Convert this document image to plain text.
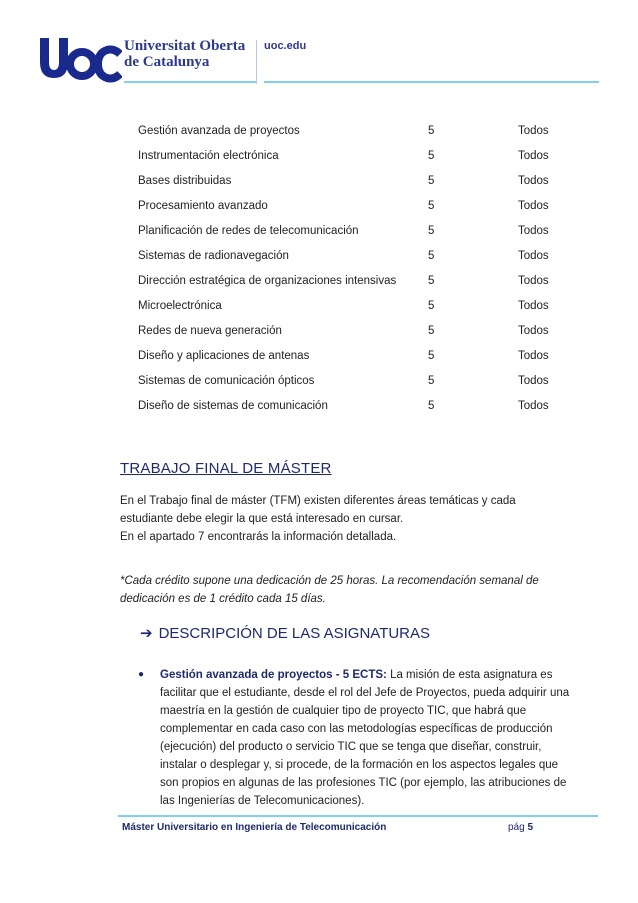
Universitat Oberta
de Catalunya
uoc.edu
Gestión avanzada de proyectos	5	Todos
Instrumentación electrónica	5	Todos
Bases distribuidas	5	Todos
Procesamiento avanzado	5	Todos
Planificación de redes de telecomunicación	5	Todos
Sistemas de radionavegación	5	Todos
Dirección estratégica de organizaciones intensivas	5	Todos
Microelectrónica	5	Todos
Redes de nueva generación	5	Todos
Diseño y aplicaciones de antenas	5	Todos
Sistemas de comunicación ópticos	5	Todos
Diseño de sistemas de comunicación	5	Todos
TRABAJO FINAL DE MÁSTER
En el Trabajo final de máster (TFM) existen diferentes áreas temáticas y cada estudiante debe elegir la que está interesado en cursar.
En el apartado 7 encontrarás la información detallada.
*Cada crédito supone una dedicación de 25 horas. La recomendación semanal de dedicación es de 1 crédito cada 15 días.
➔ DESCRIPCIÓN DE LAS ASIGNATURAS
● Gestión avanzada de proyectos - 5 ECTS: La misión de esta asignatura es facilitar que el estudiante, desde el rol del Jefe de Proyectos, pueda adquirir una maestría en la gestión de cualquier tipo de proyecto TIC, que habrá que complementar en cada caso con las metodologías específicas de producción (ejecución) del producto o servicio TIC que se tenga que diseñar, construir, instalar o desplegar y, si procede, de la formación en los aspectos legales que son propios en algunas de las profesiones TIC (por ejemplo, las atribuciones de las Ingenierías de Telecomunicaciones).
Máster Universitario en Ingeniería de Telecomunicación	pág 5
